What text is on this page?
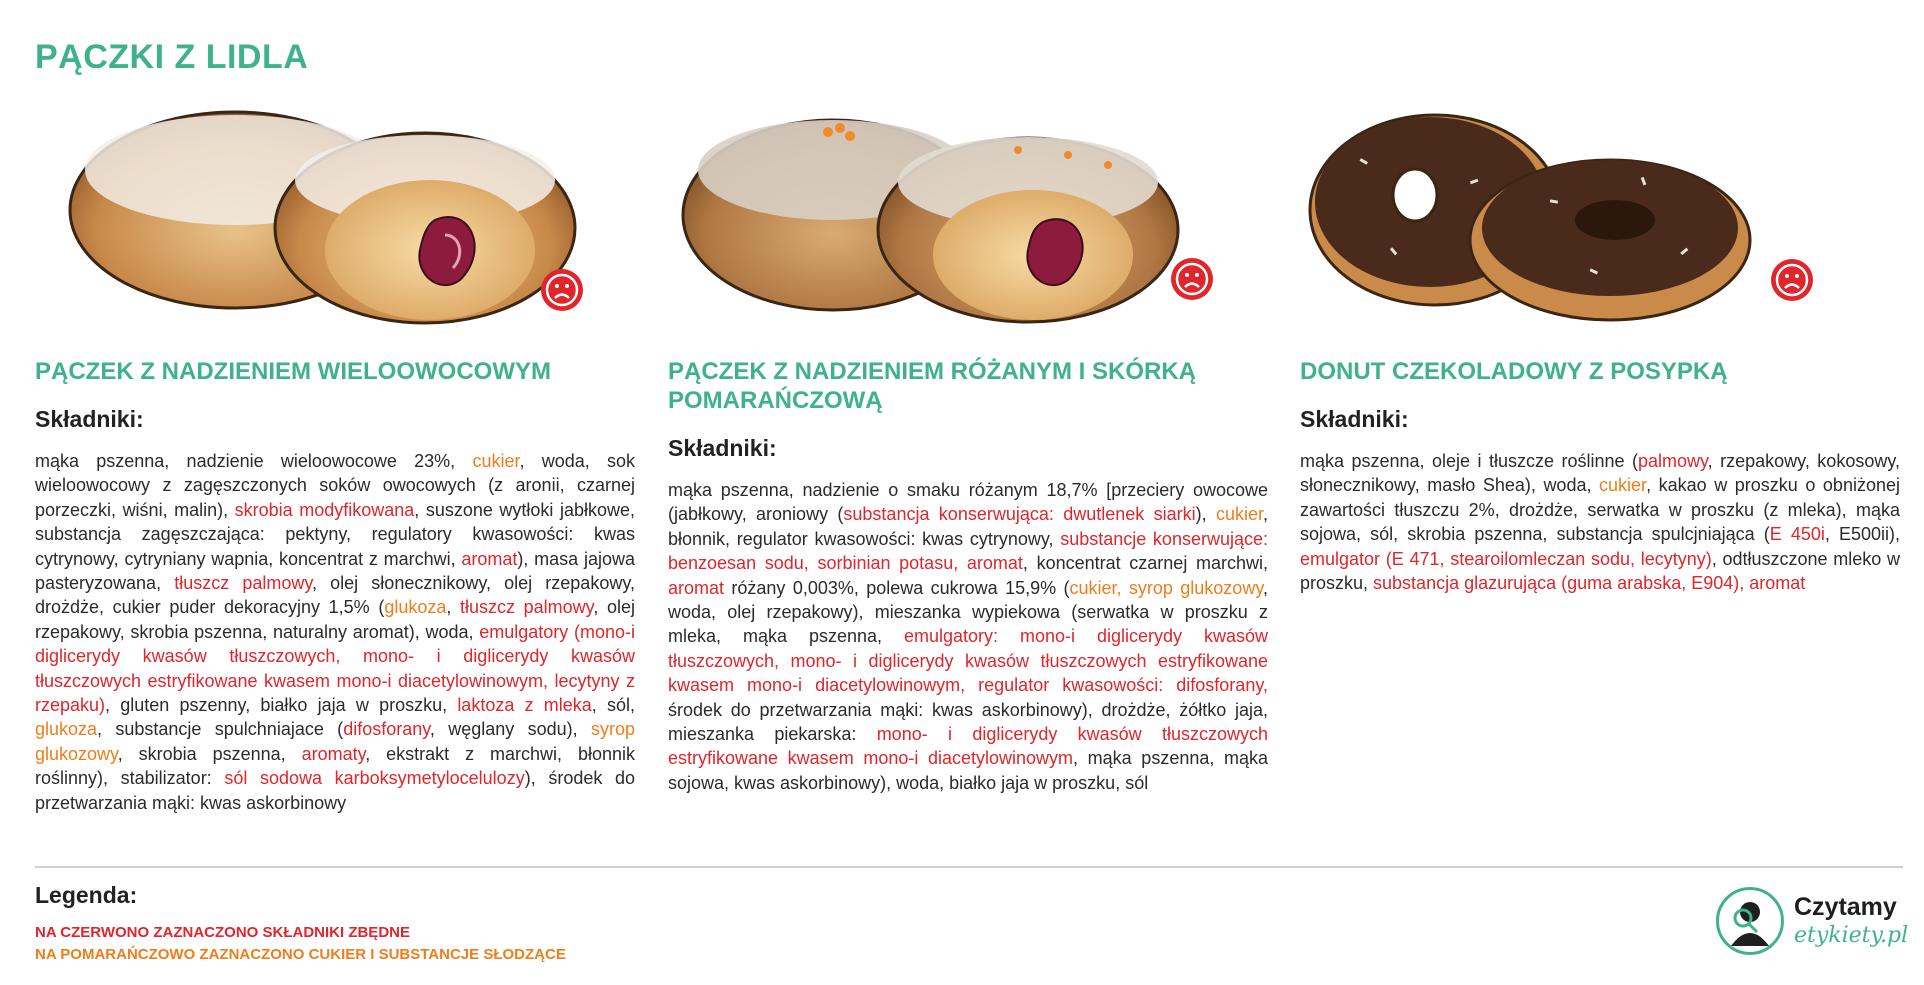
PĄCZKI Z LIDLA
PĄCZEK Z NADZIENIEM WIELOOWOCOWYM

Składniki:

mąka pszenna, nadzienie wieloowocowe 23%, cukier, woda, sok wieloowocowy z zagęszczonych soków owocowych (z aronii, czarnej porzeczki, wiśni, malin), skrobia modyfikowana, suszone wytłoki jabłkowe, substancja zagęszczająca: pektyny, regulatory kwasowości: kwas cytrynowy, cytryniany wapnia, koncentrat z marchwi, aromat), masa jajowa pasteryzowana, tłuszcz palmowy, olej słonecznikowy, olej rzepakowy, drożdże, cukier puder dekoracyjny 1,5% (glukoza, tłuszcz palmowy, olej rzepakowy, skrobia pszenna, naturalny aromat), woda, emulgatory (mono-i diglicerydy kwasów tłuszczowych, mono- i diglicerydy kwasów tłuszczowych estryfikowane kwasem mono-i diacetylowinowym, lecytyny z rzepaku), gluten pszenny, białko jaja w proszku, laktoza z mleka, sól, glukoza, substancje spulchniajace (difosforany, węglany sodu), syrop glukozowy, skrobia pszenna, aromaty, ekstrakt z marchwi, błonnik roślinny), stabilizator: sól sodowa karboksymetylocelulozy), środek do przetwarzania mąki: kwas askorbinowy
PĄCZEK Z NADZIENIEM RÓŻANYM I SKÓRKĄ POMARAŃCZOWĄ

Składniki:

mąka pszenna, nadzienie o smaku różanym 18,7% [przeciery owocowe (jabłkowy, aroniowy (substancja konserwująca: dwutlenek siarki), cukier, błonnik, regulator kwasowości: kwas cytrynowy, substancje konserwujące: benzoesan sodu, sorbinian potasu, aromat, koncentrat czarnej marchwi, aromat różany 0,003%, polewa cukrowa 15,9% (cukier, syrop glukozowy, woda, olej rzepakowy), mieszanka wypiekowa (serwatka w proszku z mleka, mąka pszenna, emulgatory: mono-i diglicerydy kwasów tłuszczowych, mono- i diglicerydy kwasów tłuszczowych estryfikowane kwasem mono-i diacetylowinowym, regulator kwasowości: difosforany, środek do przetwarzania mąki: kwas askorbinowy), drożdże, żółtko jaja, mieszanka piekarska: mono- i diglicerydy kwasów tłuszczowych estryfikowane kwasem mono-i diacetylowinowym, mąka pszenna, mąka sojowa, kwas askorbinowy), woda, białko jaja w proszku, sól
DONUT CZEKOLADOWY Z POSYPKĄ

Składniki:

mąka pszenna, oleje i tłuszcze roślinne (palmowy, rzepakowy, kokosowy, słonecznikowy, masło Shea), woda, cukier, kakao w proszku o obniżonej zawartości tłuszczu 2%, drożdże, serwatka w proszku (z mleka), mąka sojowa, sól, skrobia pszenna, substancja spulcjniająca (E 450i, E500ii), emulgator (E 471, stearoilomleczan sodu, lecytyny), odtłuszczone mleko w proszku, substancja glazurująca (guma arabska, E904), aromat
Legenda:
NA CZERWONO ZAZNACZONO SKŁADNIKI ZBĘDNE
NA POMARAŃCZOWO ZAZNACZONO CUKIER I SUBSTANCJE SŁODZĄCE
Czytamy
etykiety.pl
